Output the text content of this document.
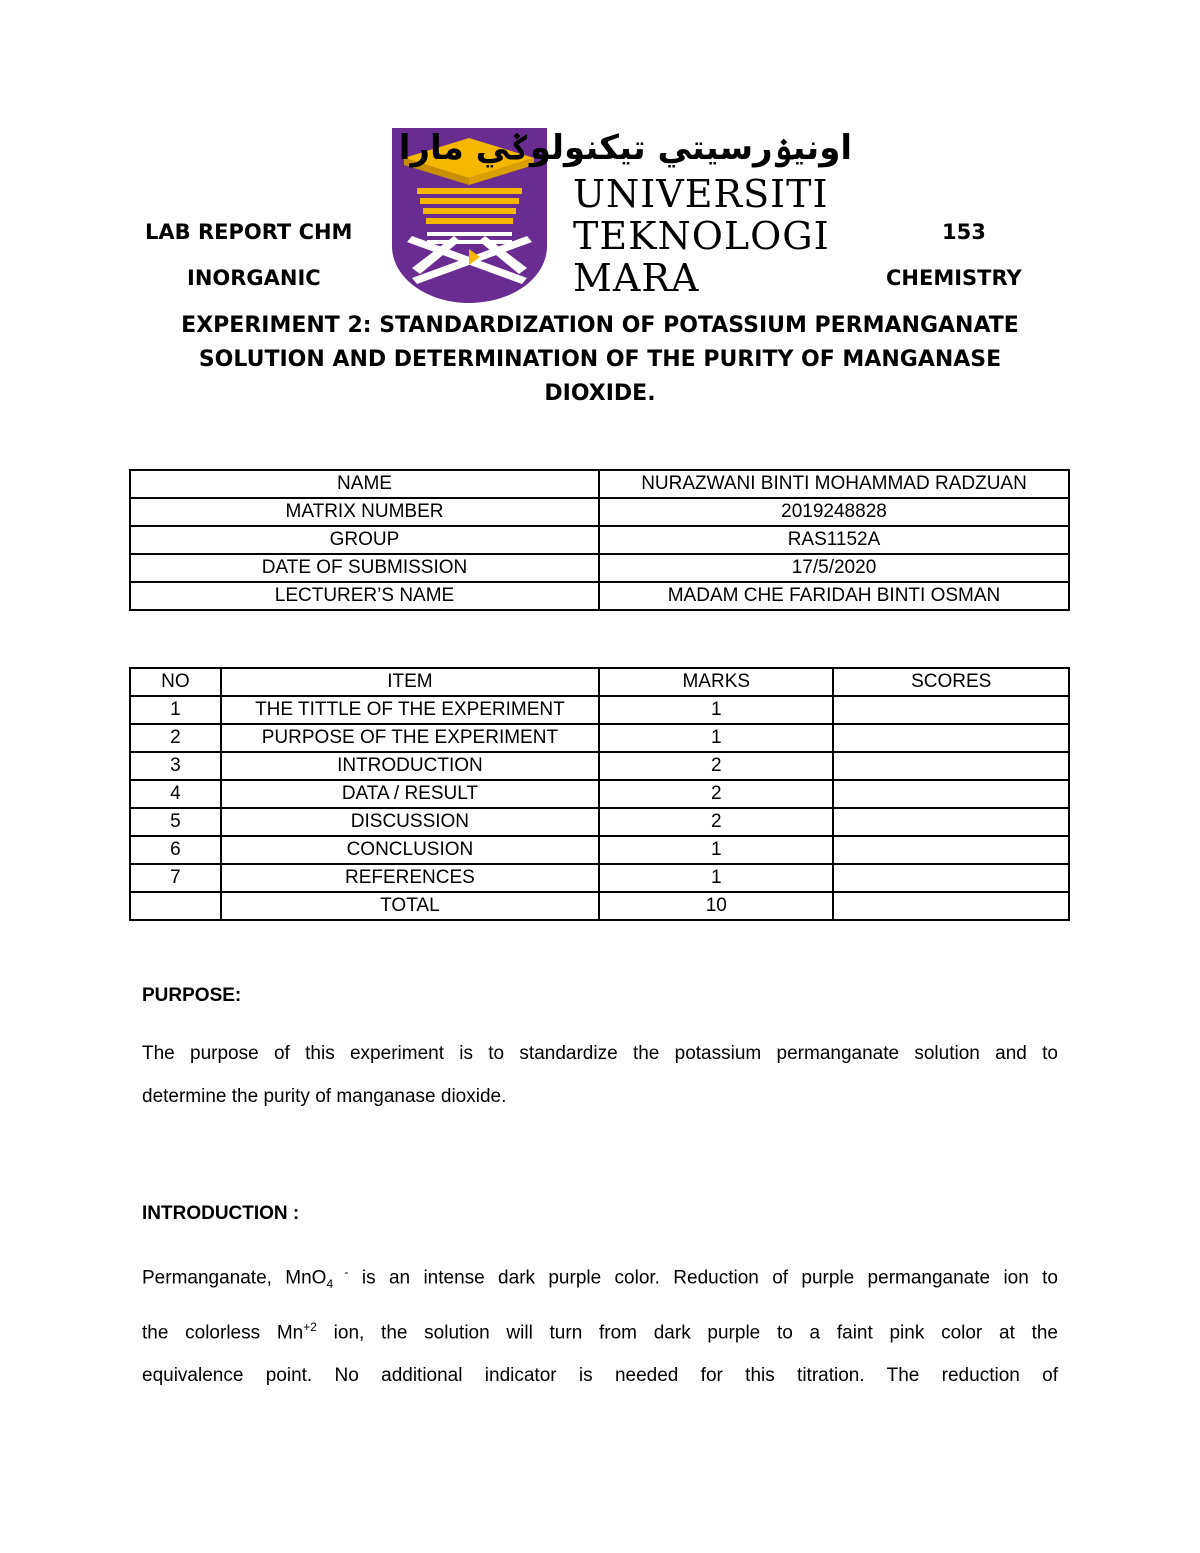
LAB REPORT CHM
INORGANIC
153
CHEMISTRY
اونيۏرسيتي تيكنولوݢي مارا
UNIVERSITI
TEKNOLOGI
MARA
EXPERIMENT 2: STANDARDIZATION OF POTASSIUM PERMANGANATE
SOLUTION AND DETERMINATION OF THE PURITY OF MANGANASE
DIOXIDE.
NAME	NURAZWANI BINTI MOHAMMAD RADZUAN
MATRIX NUMBER	2019248828
GROUP	RAS1152A
DATE OF SUBMISSION	17/5/2020
LECTURER’S NAME	MADAM CHE FARIDAH BINTI OSMAN
NO	ITEM	MARKS	SCORES
1	THE TITTLE OF THE EXPERIMENT	1	
2	PURPOSE OF THE EXPERIMENT	1	
3	INTRODUCTION	2	
4	DATA / RESULT	2	
5	DISCUSSION	2	
6	CONCLUSION	1	
7	REFERENCES	1	
	TOTAL	10	
PURPOSE:
The purpose of this experiment is to standardize the potassium permanganate solution and to
determine the purity of manganase dioxide.
INTRODUCTION :
Permanganate, MnO$_4$ - is an intense dark purple color. Reduction of purple permanganate ion to
the colorless $Mn^{+2}$ ion, the solution will turn from dark purple to a faint pink color at the
equivalence point. No additional indicator is needed for this titration. The reduction of
